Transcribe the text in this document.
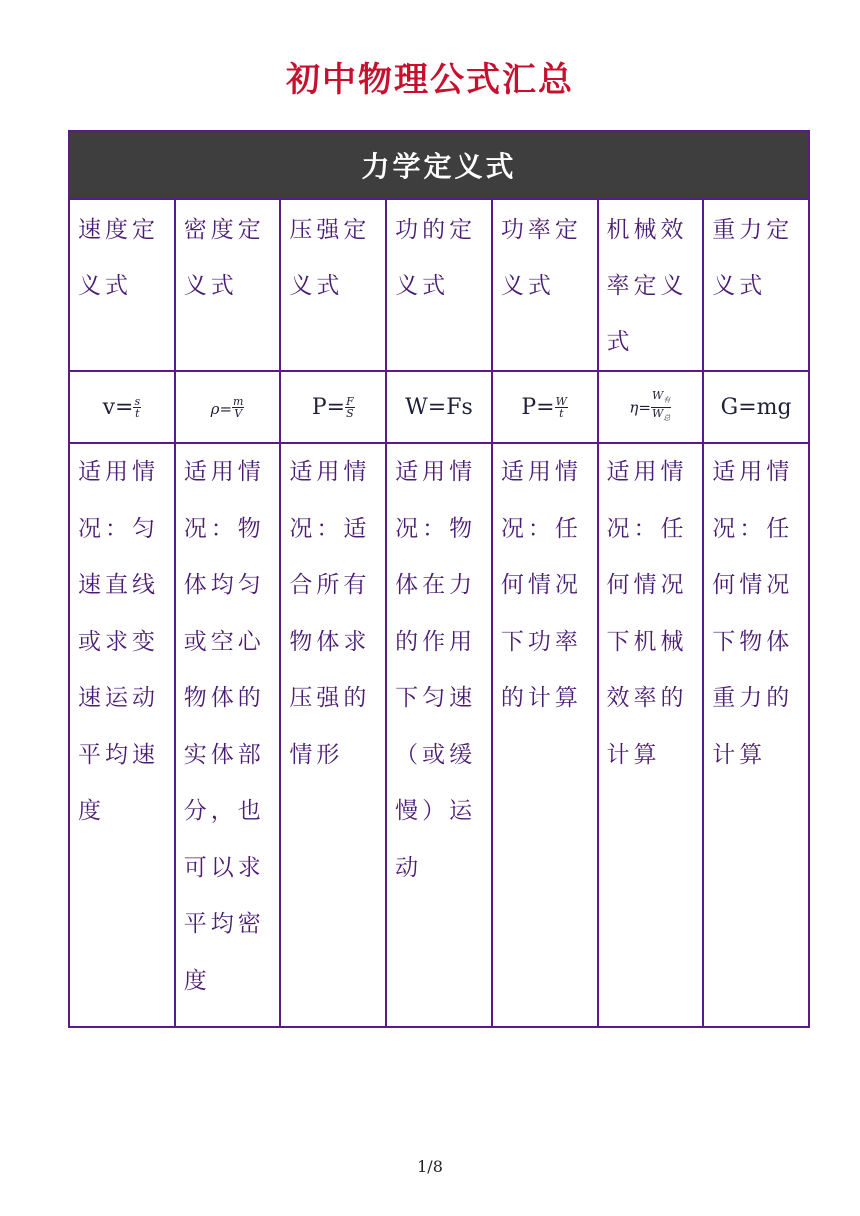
初中物理公式汇总
力学定义式						
速度定义式	密度定义式	压强定义式	功的定义式	功率定义式	机械效率定义式	重力定义式
$v= \frac{s}{t}$	$\rho= \frac{m}{V}$	$P= \frac{F}{S}$	W=Fs	$P= \frac{W}{t}$	$\eta= \frac{W_有}{W_总}$	G=mg
适用情况：匀速直线或求变速运动平均速度	适用情况：物体均匀或空心物体的实体部分，也可以求平均密度	适用情况：适合所有物体求压强的情形	适用情况：物体在力的作用下匀速（或缓慢）运动	适用情况：任何情况下功率的计算	适用情况：任何情况下机械效率的计算	适用情况：任何情况下物体重力的计算
1/8
